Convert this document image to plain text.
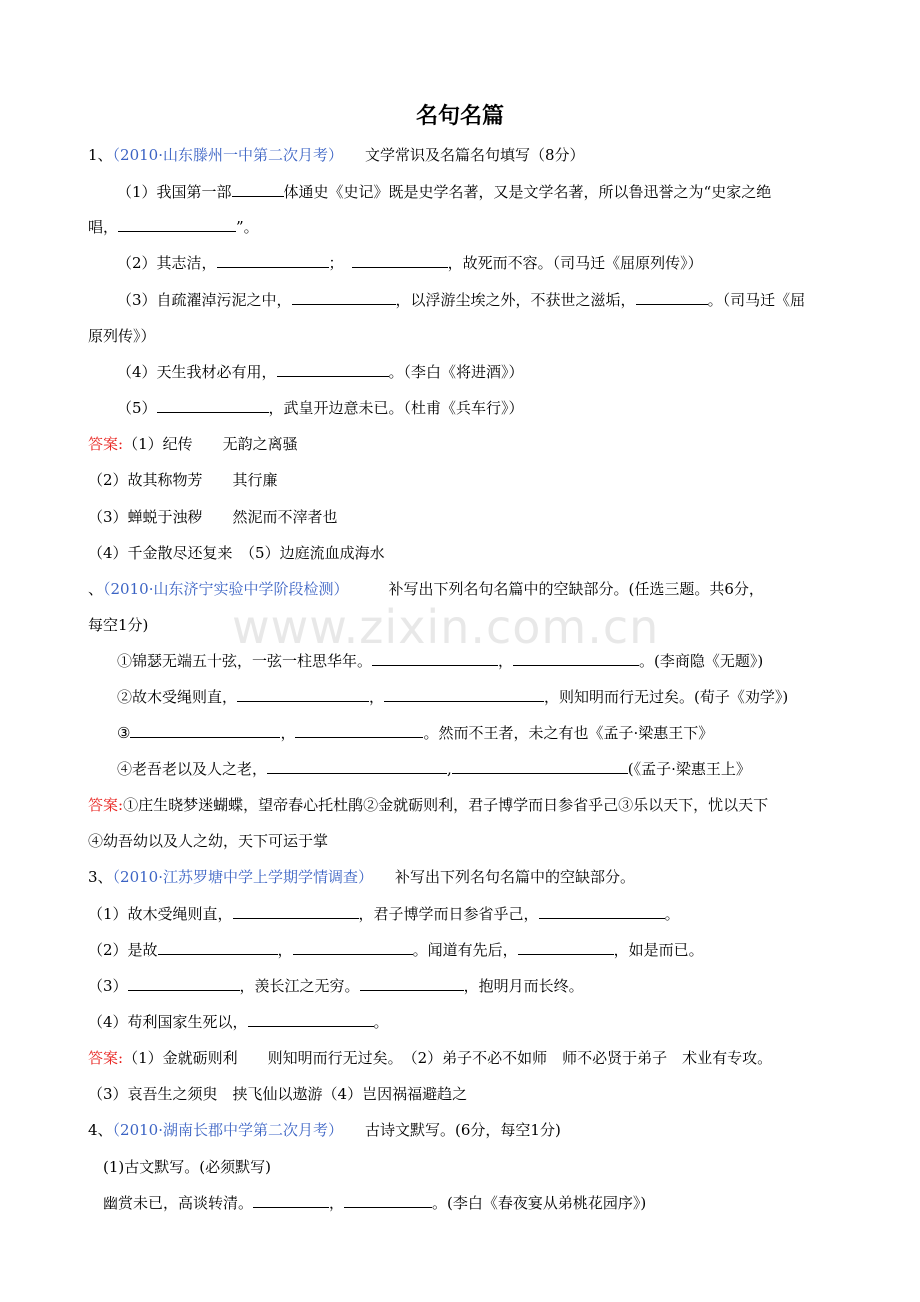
名句名篇
www.zixin.com.cn
1、（2010·山东滕州一中第二次月考） 文学常识及名篇名句填写（8分）
（1）我国第一部	体通史《史记》既是史学名著，又是文学名著，所以鲁迅誉之为“史家之绝
唱，	”。
（2）其志洁，	；	，故死而不容。（司马迁《屈原列传》）
（3）自疏濯淖污泥之中，	，以浮游尘埃之外，不获世之滋垢，	。（司马迁《屈
原列传》）
（4）天生我材必有用，	。（李白《将进酒》）
（5）	，武皇开边意未已。（杜甫《兵车行》）
答案:（1）纪传　　无韵之离骚
（2）故其称物芳　　其行廉
（3）蝉蜕于浊秽　　然泥而不滓者也
（4）千金散尽还复来　（5）边庭流血成海水
、（2010·山东济宁实验中学阶段检测）	补写出下列名句名篇中的空缺部分。(任选三题。共6分，
每空1分)
①锦瑟无端五十弦，一弦一柱思华年。	，	。(李商隐《无题》)
②故木受绳则直，	，	，则知明而行无过矣。(荀子《劝学》)
③	，	。然而不王者，未之有也《孟子·梁惠王下》
④老吾老以及人之老，	,	(《孟子·梁惠王上》
答案:①庄生晓梦迷蝴蝶，望帝春心托杜鹃②金就砺则利，君子博学而日参省乎己③乐以天下，忧以天下
④幼吾幼以及人之幼，天下可运于掌
3、（2010·江苏罗塘中学上学期学情调查） 补写出下列名句名篇中的空缺部分。
（1）故木受绳则直，	，君子博学而日参省乎己，	。
（2）是故	，	。闻道有先后，	，如是而已。
（3）	，羡长江之无穷。	，抱明月而长终。
（4）苟利国家生死以，	。
答案:（1）金就砺则利　　则知明而行无过矣。　（2）弟子不必不如师　师不必贤于弟子　术业有专攻。
（3）哀吾生之须臾　挟飞仙以遨游（4）岂因祸福避趋之
4、（2010·湖南长郡中学第二次月考） 古诗文默写。(6分，每空1分)
(1)古文默写。(必须默写)
幽赏未已，高谈转清。	，	。(李白《春夜宴从弟桃花园序》)
